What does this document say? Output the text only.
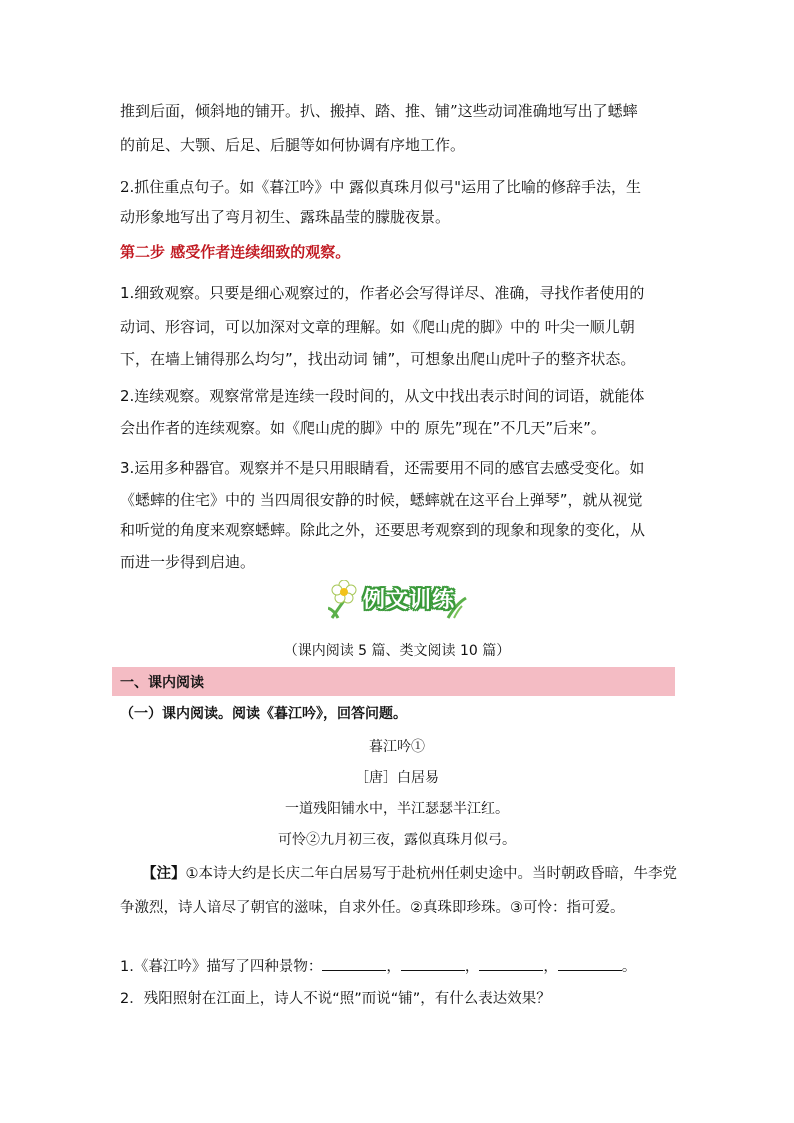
推到后面，倾斜地的铺开。扒、搬掉、踏、推、铺”这些动词准确地写出了蟋蟀
的前足、大颚、后足、后腿等如何协调有序地工作。
2.抓住重点句子。如《暮江吟》中 露似真珠月似弓"运用了比喻的修辞手法，生
动形象地写出了弯月初生、露珠晶莹的朦胧夜景。
第二步 感受作者连续细致的观察。
1.细致观察。只要是细心观察过的，作者必会写得详尽、准确，寻找作者使用的
动词、形容词，可以加深对文章的理解。如《爬山虎的脚》中的 叶尖一顺儿朝
下，在墙上铺得那么均匀”，找出动词 铺”，可想象出爬山虎叶子的整齐状态。
2.连续观察。观察常常是连续一段时间的，从文中找出表示时间的词语，就能体
会出作者的连续观察。如《爬山虎的脚》中的 原先”现在”不几天”后来”。
3.运用多种器官。观察并不是只用眼睛看，还需要用不同的感官去感受变化。如
《蟋蟀的住宅》中的 当四周很安静的时候，蟋蟀就在这平台上弹琴”，就从视觉
和听觉的角度来观察蟋蟀。除此之外，还要思考观察到的现象和现象的变化，从
而进一步得到启迪。
例文训练
（课内阅读 5 篇、类文阅读 10 篇）
一、课内阅读
（一）课内阅读。阅读《暮江吟》，回答问题。
暮江吟①
［唐］白居易
一道残阳铺水中，半江瑟瑟半江红。
可怜②九月初三夜，露似真珠月似弓。
【注】①本诗大约是长庆二年白居易写于赴杭州任刺史途中。当时朝政昏暗，牛李党争激烈，诗人谙尽了朝官的滋味，自求外任。②真珠即珍珠。③可怜：指可爱。
1.《暮江吟》描写了四种景物：	，	，	，	。
2．残阳照射在江面上，诗人不说“照”而说“铺”，有什么表达效果？
